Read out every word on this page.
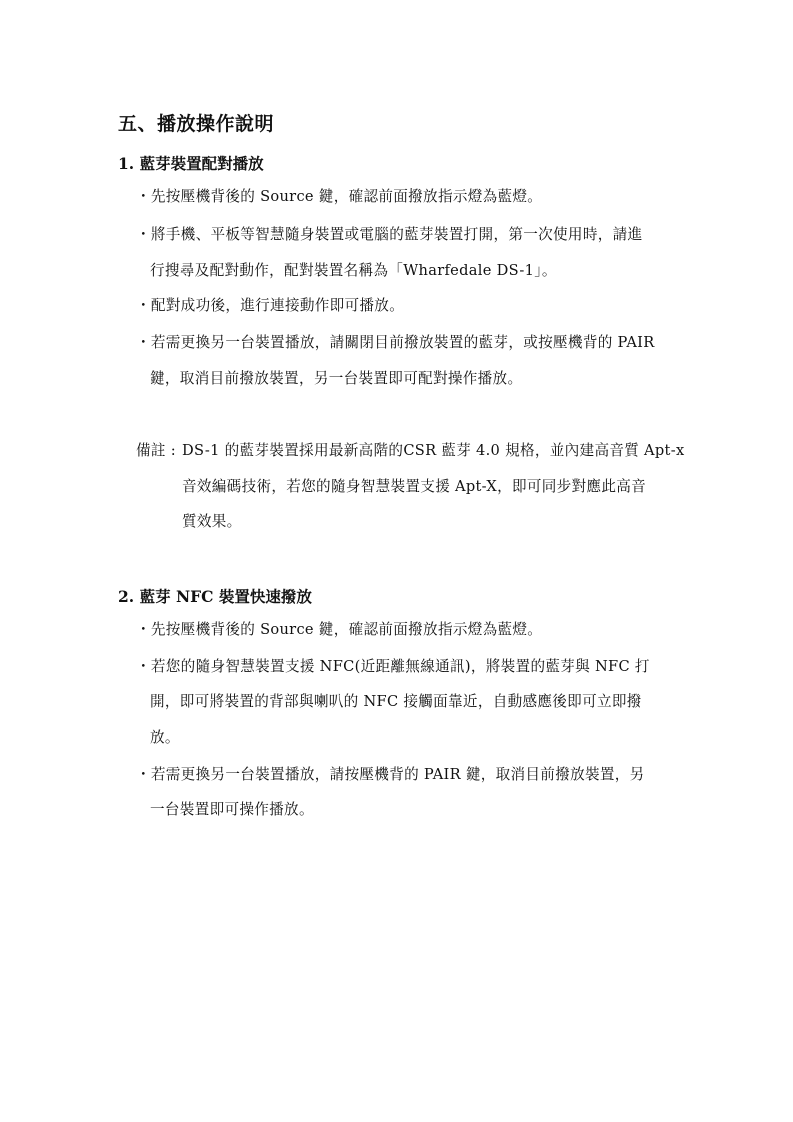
五、播放操作說明
1. 藍芽裝置配對播放
・先按壓機背後的 Source 鍵，確認前面撥放指示燈為藍燈。
・將手機、平板等智慧隨身裝置或電腦的藍芽裝置打開，第一次使用時，請進
行搜尋及配對動作，配對裝置名稱為「Wharfedale DS-1」。
・配對成功後，進行連接動作即可播放。
・若需更換另一台裝置播放，請關閉目前撥放裝置的藍芽，或按壓機背的 PAIR
鍵，取消目前撥放裝置，另一台裝置即可配對操作播放。
備註 : DS-1 的藍芽裝置採用最新高階的CSR 藍芽 4.0 規格，並內建高音質 Apt-x
音效編碼技術，若您的隨身智慧裝置支援 Apt-X，即可同步對應此高音
質效果。
2. 藍芽 NFC 裝置快速撥放
・先按壓機背後的 Source 鍵，確認前面撥放指示燈為藍燈。
・若您的隨身智慧裝置支援 NFC(近距離無線通訊)，將裝置的藍芽與 NFC 打
開，即可將裝置的背部與喇叭的 NFC 接觸面靠近，自動感應後即可立即撥
放。
・若需更換另一台裝置播放，請按壓機背的 PAIR 鍵，取消目前撥放裝置，另
一台裝置即可操作播放。
